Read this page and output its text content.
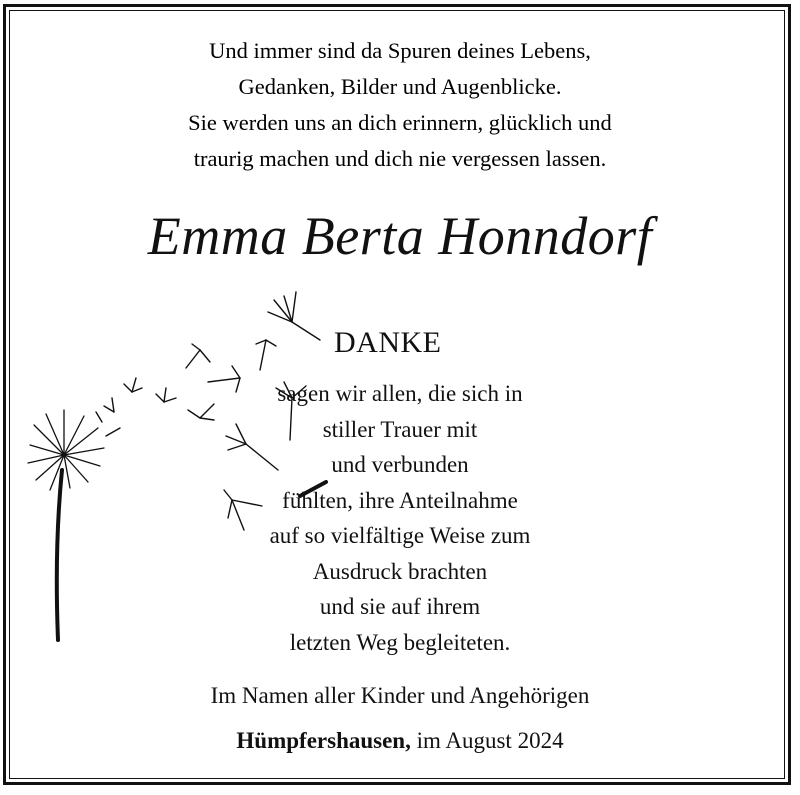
Und immer sind da Spuren deines Lebens,
Gedanken, Bilder und Augenblicke.
Sie werden uns an dich erinnern, glücklich und
traurig machen und dich nie vergessen lassen.
Emma Berta Honndorf
DANKE
sagen wir allen, die sich in
stiller Trauer mit
und verbunden
fühlten, ihre Anteilnahme
auf so vielfältige Weise zum
Ausdruck brachten
und sie auf ihrem
letzten Weg begleiteten.
Im Namen aller Kinder und Angehörigen
Hümpfershausen, im August 2024
